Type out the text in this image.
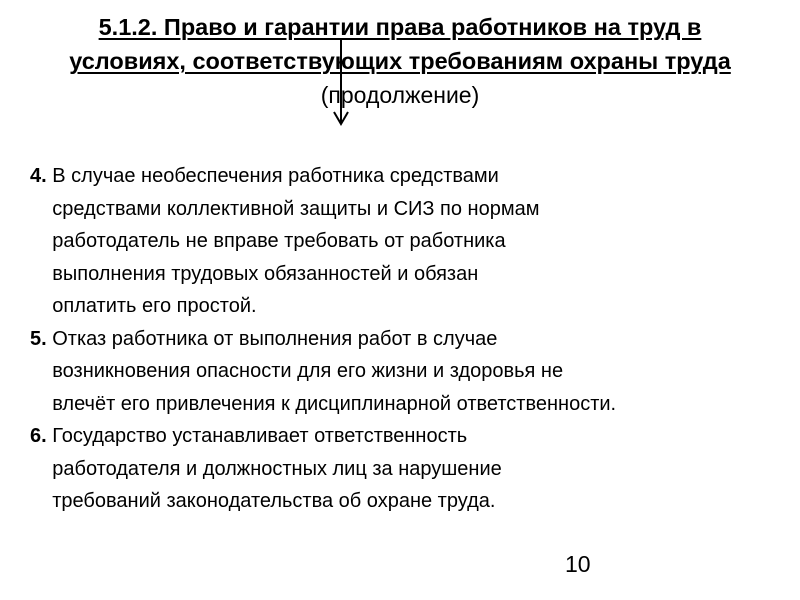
5.1.2. Право и гарантии права работников на труд в
условиях, соответствующих требованиям охраны труда
(продолжение)
4. В случае необеспечения работника средствами
средствами коллективной защиты и СИЗ по нормам
работодатель не вправе требовать от работника
выполнения трудовых обязанностей и обязан
оплатить его простой.
5. Отказ работника от выполнения работ в случае
возникновения опасности для его жизни и здоровья не
влечёт его привлечения к дисциплинарной ответственности.
6. Государство устанавливает ответственность
работодателя и должностных лиц за нарушение
требований законодательства об охране труда.
10
